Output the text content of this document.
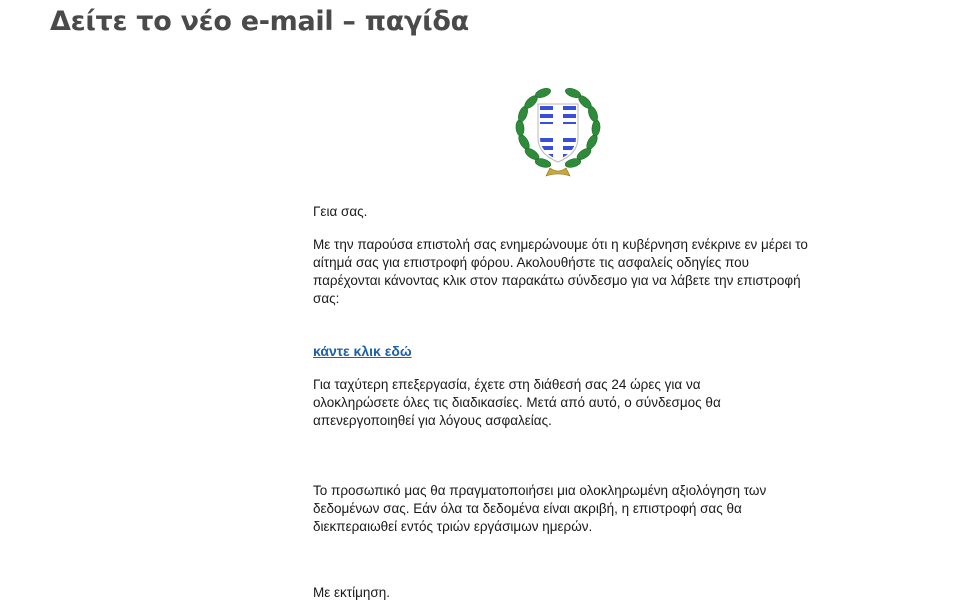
Δείτε το νέο e-mail – παγίδα

Γεια σας.

Με την παρούσα επιστολή σας ενημερώνουμε ότι η κυβέρνηση ενέκρινε εν μέρει το αίτημά σας για επιστροφή φόρου. Ακολουθήστε τις ασφαλείς οδηγίες που παρέχονται κάνοντας κλικ στον παρακάτω σύνδεσμο για να λάβετε την επιστροφή σας:

κάντε κλικ εδώ

Για ταχύτερη επεξεργασία, έχετε στη διάθεσή σας 24 ώρες για να ολοκληρώσετε όλες τις διαδικασίες. Μετά από αυτό, ο σύνδεσμος θα απενεργοποιηθεί για λόγους ασφαλείας.

Το προσωπικό μας θα πραγματοποιήσει μια ολοκληρωμένη αξιολόγηση των δεδομένων σας. Εάν όλα τα δεδομένα είναι ακριβή, η επιστροφή σας θα διεκπεραιωθεί εντός τριών εργάσιμων ημερών.

Με εκτίμηση.
